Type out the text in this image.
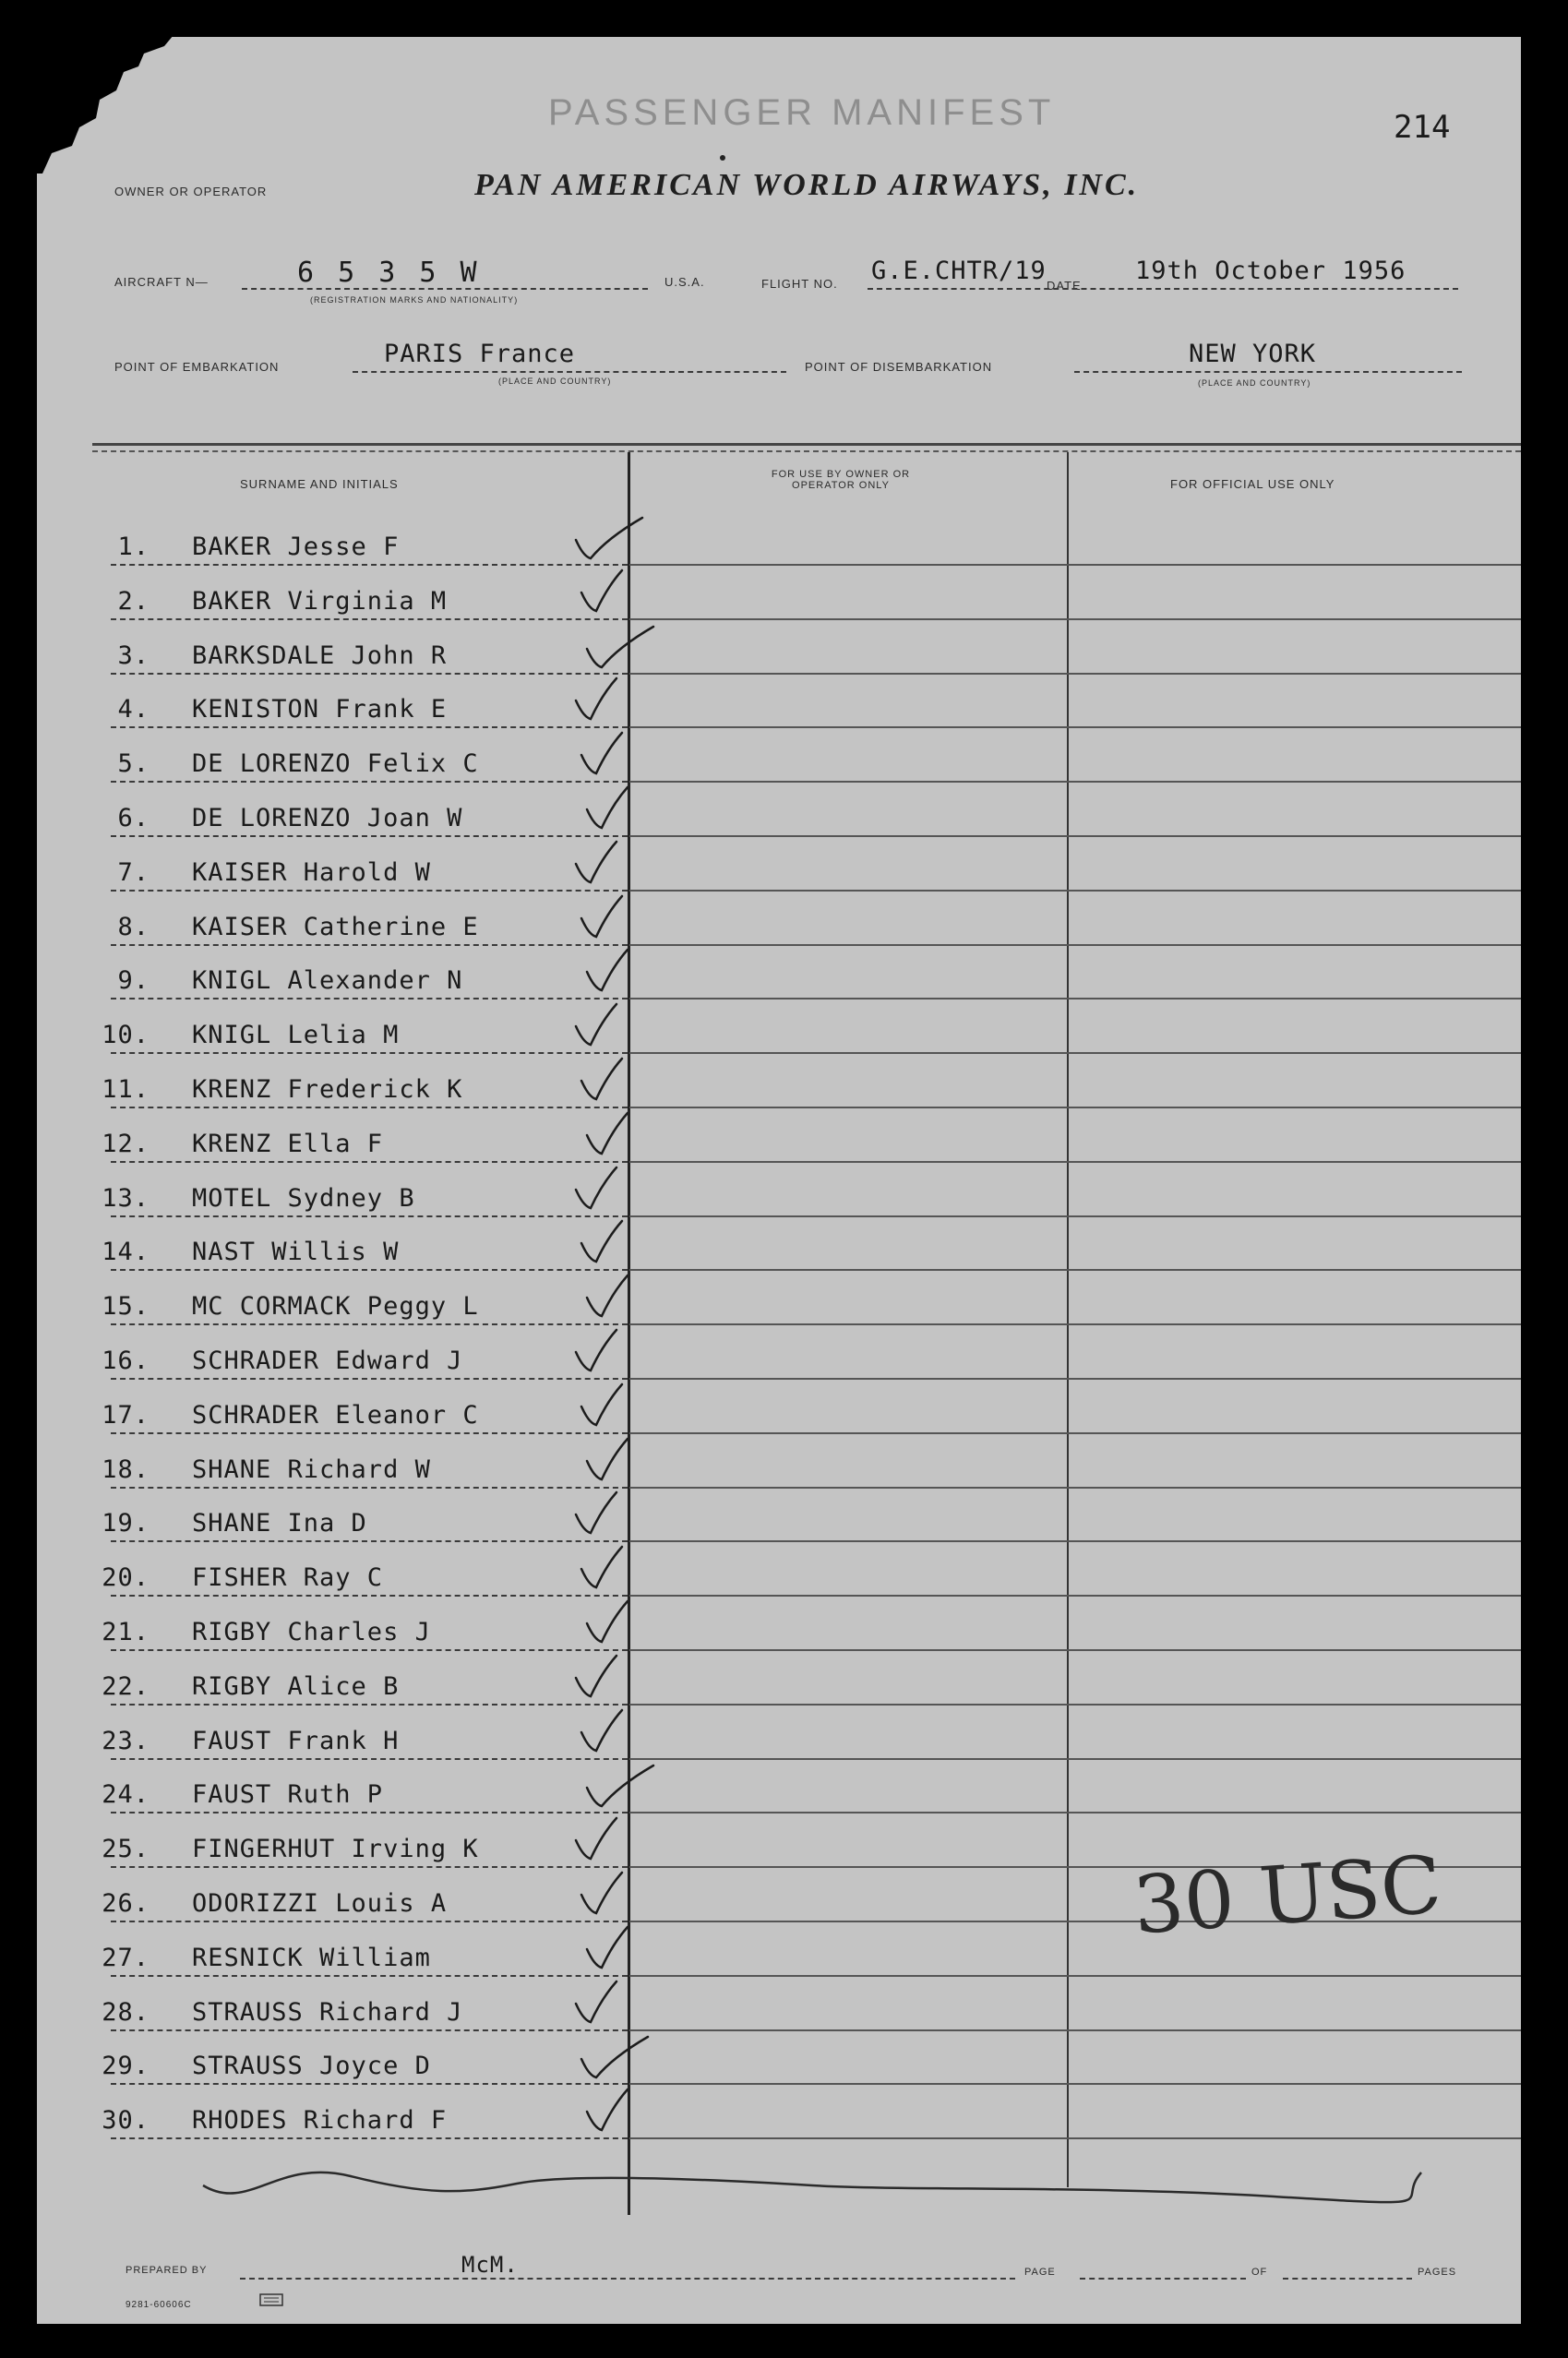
PASSENGER MANIFEST	214
OWNER OR OPERATOR	PAN AMERICAN WORLD AIRWAYS, INC.
AIRCRAFT N—	6 5 3 5 W
(REGISTRATION MARKS AND NATIONALITY)
U.S.A.	FLIGHT NO. G.E.CHTR/19
DATE
19th October 1956
POINT OF EMBARKATION	PARIS France
(PLACE AND COUNTRY)
POINT OF DISEMBARKATION	NEW YORK
(PLACE AND COUNTRY)
SURNAME AND INITIALS
FOR USE BY OWNER OR OPERATOR ONLY	FOR OFFICIAL USE ONLY
1. BAKER Jesse F
2. BAKER Virginia M
3. BARKSDALE John R
4. KENISTON Frank E
5. DE LORENZO Felix C
6. DE LORENZO Joan W
7. KAISER Harold W
8. KAISER Catherine E
9. KNIGL Alexander N
10. KNIGL Lelia M
11. KRENZ Frederick K
12. KRENZ Ella F
13. MOTEL Sydney B
14. NAST Willis W
15. MC CORMACK Peggy L
16. SCHRADER Edward J
17. SCHRADER Eleanor C
18. SHANE Richard W
19. SHANE Ina D
20. FISHER Ray C
21. RIGBY Charles J
22. RIGBY Alice B
23. FAUST Frank H
24. FAUST Ruth P
25. FINGERHUT Irving K
26. ODORIZZI Louis A
27. RESNICK William
28. STRAUSS Richard J
29. STRAUSS Joyce D
30. RHODES Richard F
30 USC
PREPARED BY	McM.	PAGE	OF	PAGES
9281-60606C
